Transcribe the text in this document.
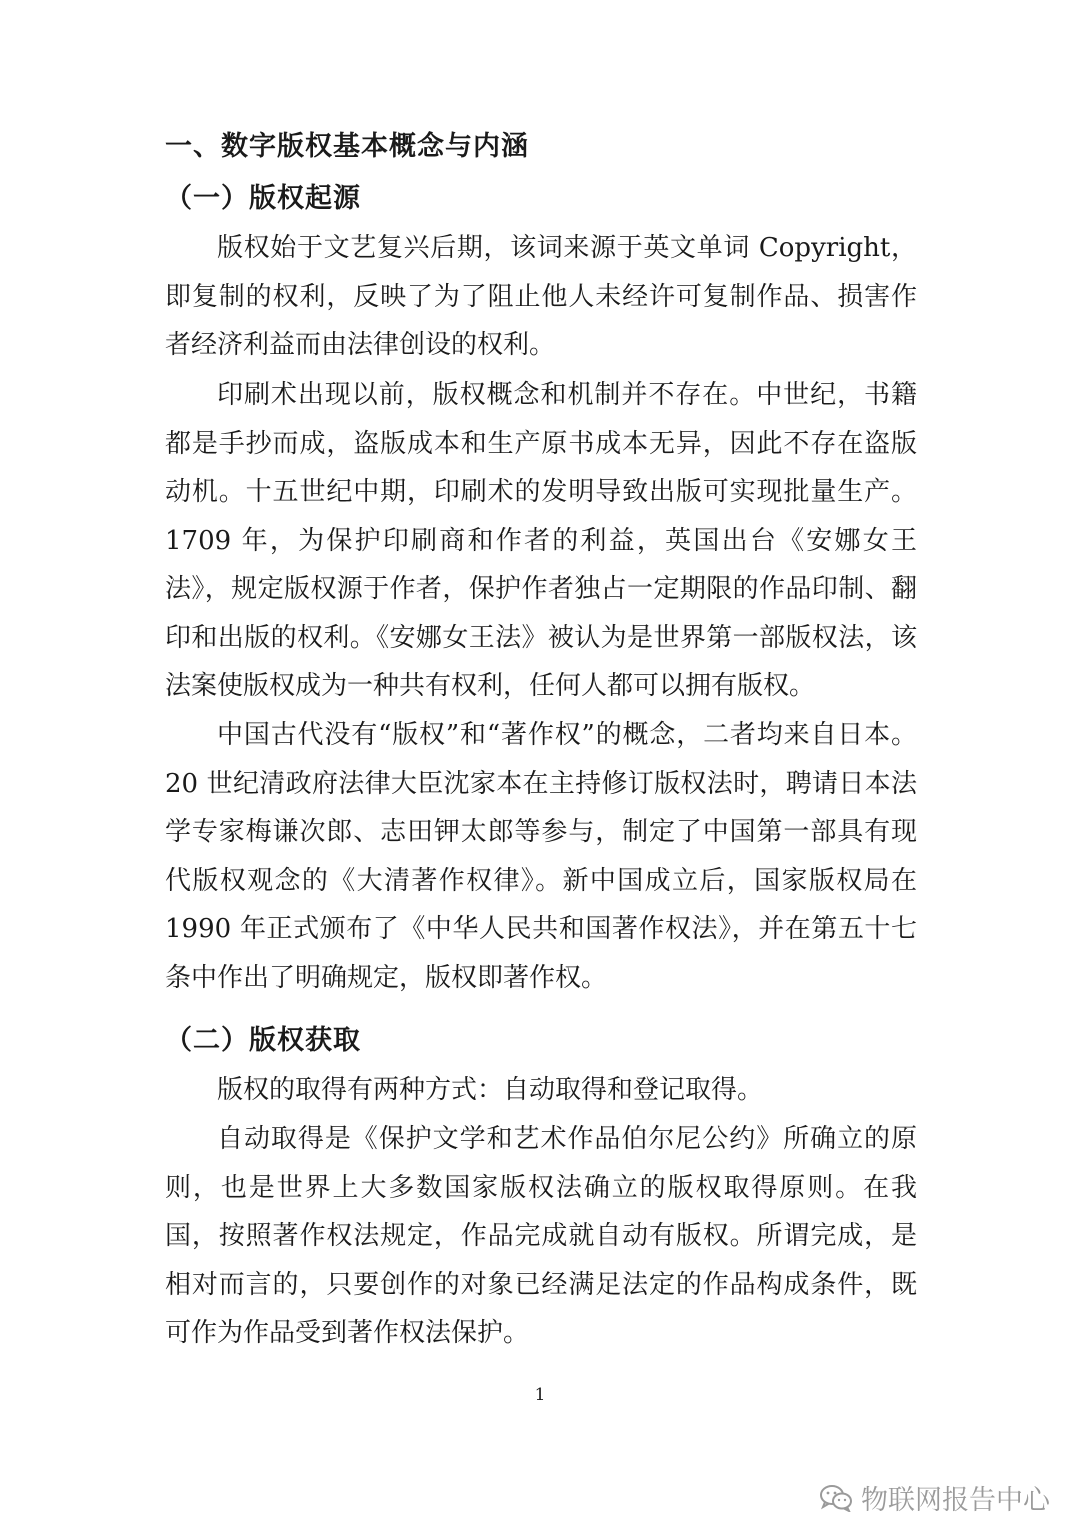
一、数字版权基本概念与内涵
（一）版权起源

版权始于文艺复兴后期，该词来源于英文单词 Copyright，即复制的权利，反映了为了阻止他人未经许可复制作品、损害作者经济利益而由法律创设的权利。

印刷术出现以前，版权概念和机制并不存在。中世纪，书籍都是手抄而成，盗版成本和生产原书成本无异，因此不存在盗版动机。十五世纪中期，印刷术的发明导致出版可实现批量生产。1709 年，为保护印刷商和作者的利益，英国出台《安娜女王法》，规定版权源于作者，保护作者独占一定期限的作品印制、翻印和出版的权利。《安娜女王法》被认为是世界第一部版权法，该法案使版权成为一种共有权利，任何人都可以拥有版权。

中国古代没有“版权”和“著作权”的概念，二者均来自日本。20 世纪清政府法律大臣沈家本在主持修订版权法时，聘请日本法学专家梅谦次郎、志田钾太郎等参与，制定了中国第一部具有现代版权观念的《大清著作权律》。新中国成立后，国家版权局在 1990 年正式颁布了《中华人民共和国著作权法》，并在第五十七条中作出了明确规定，版权即著作权。

（二）版权获取

版权的取得有两种方式：自动取得和登记取得。

自动取得是《保护文学和艺术作品伯尔尼公约》所确立的原则，也是世界上大多数国家版权法确立的版权取得原则。在我国，按照著作权法规定，作品完成就自动有版权。所谓完成，是相对而言的，只要创作的对象已经满足法定的作品构成条件，既可作为作品受到著作权法保护。

1
物联网报告中心
